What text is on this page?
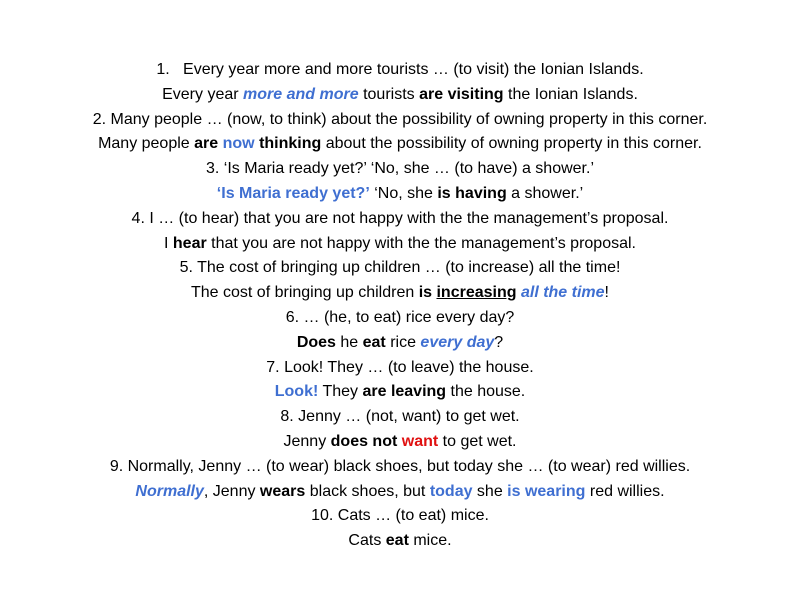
1.   Every year more and more tourists … (to visit) the Ionian Islands.
Every year more and more tourists are visiting the Ionian Islands.
2. Many people … (now, to think) about the possibility of owning property in this corner.
Many people are now thinking about the possibility of owning property in this corner.
3. ‘Is Maria ready yet?’ ‘No, she … (to have) a shower.’
‘Is Maria ready yet?’ ‘No, she is having a shower.’
4. I … (to hear) that you are not happy with the the management’s proposal.
I hear that you are not happy with the the management’s proposal.
5. The cost of bringing up children … (to increase) all the time!
The cost of bringing up children is increasing all the time!
6. … (he, to eat) rice every day?
Does he eat rice every day?
7. Look! They … (to leave) the house.
Look! They are leaving the house.
8. Jenny … (not, want) to get wet.
Jenny does not want to get wet.
9. Normally, Jenny … (to wear) black shoes, but today she … (to wear) red willies.
Normally, Jenny wears black shoes, but today she is wearing red willies.
10. Cats … (to eat) mice.
Cats eat mice.
